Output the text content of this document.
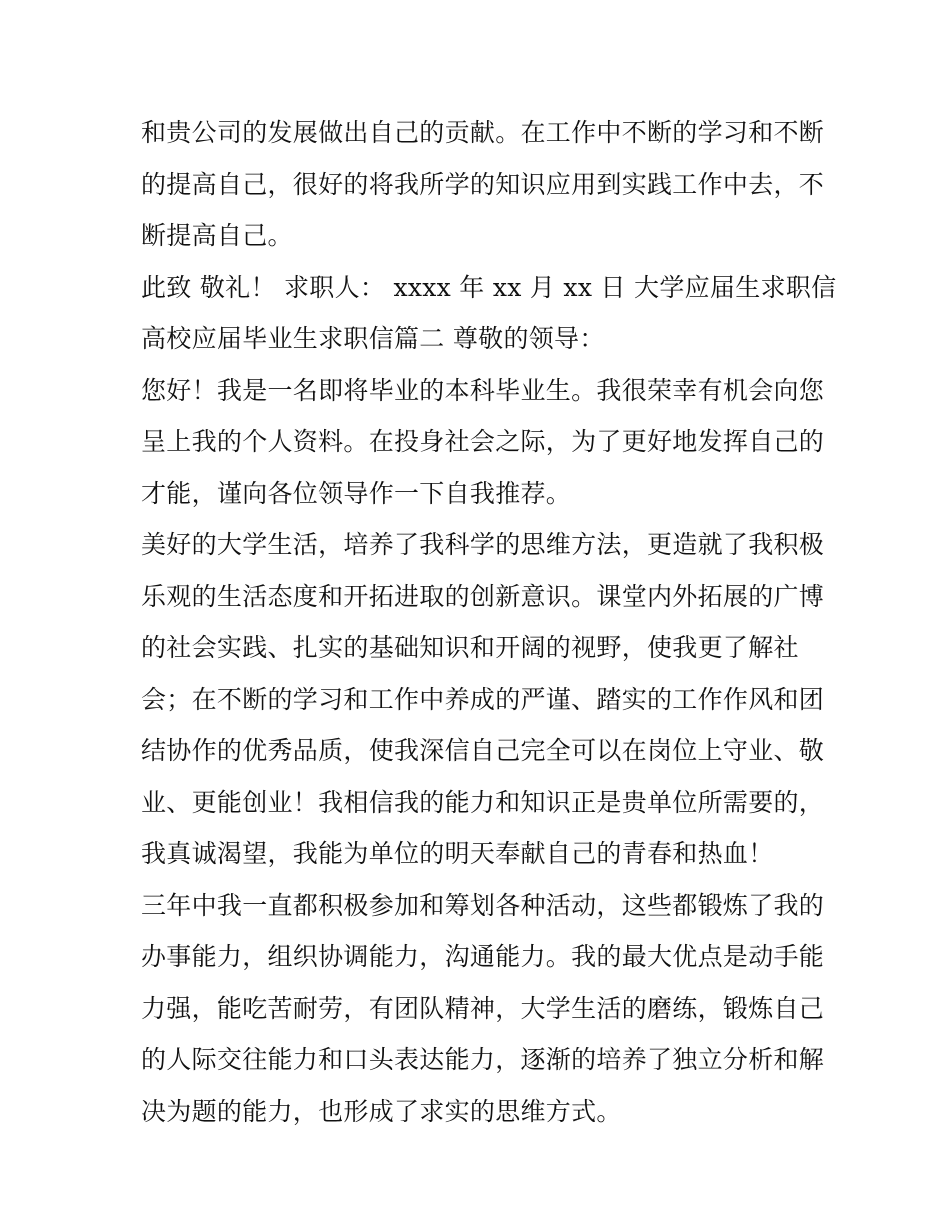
和贵公司的发展做出自己的贡献。在工作中不断的学习和不断
的提高自己，很好的将我所学的知识应用到实践工作中去，不
断提高自己。
此致 敬礼！ 求职人： xxxx 年 xx 月 xx 日 大学应届生求职信
高校应届毕业生求职信篇二 尊敬的领导：
您好！我是一名即将毕业的本科毕业生。我很荣幸有机会向您
呈上我的个人资料。在投身社会之际，为了更好地发挥自己的
才能，谨向各位领导作一下自我推荐。
美好的大学生活，培养了我科学的思维方法，更造就了我积极
乐观的生活态度和开拓进取的创新意识。课堂内外拓展的广博
的社会实践、扎实的基础知识和开阔的视野，使我更了解社
会；在不断的学习和工作中养成的严谨、踏实的工作作风和团
结协作的优秀品质，使我深信自己完全可以在岗位上守业、敬
业、更能创业！我相信我的能力和知识正是贵单位所需要的，
我真诚渴望，我能为单位的明天奉献自己的青春和热血！
三年中我一直都积极参加和筹划各种活动，这些都锻炼了我的
办事能力，组织协调能力，沟通能力。我的最大优点是动手能
力强，能吃苦耐劳，有团队精神，大学生活的磨练，锻炼自己
的人际交往能力和口头表达能力，逐渐的培养了独立分析和解
决为题的能力，也形成了求实的思维方式。
